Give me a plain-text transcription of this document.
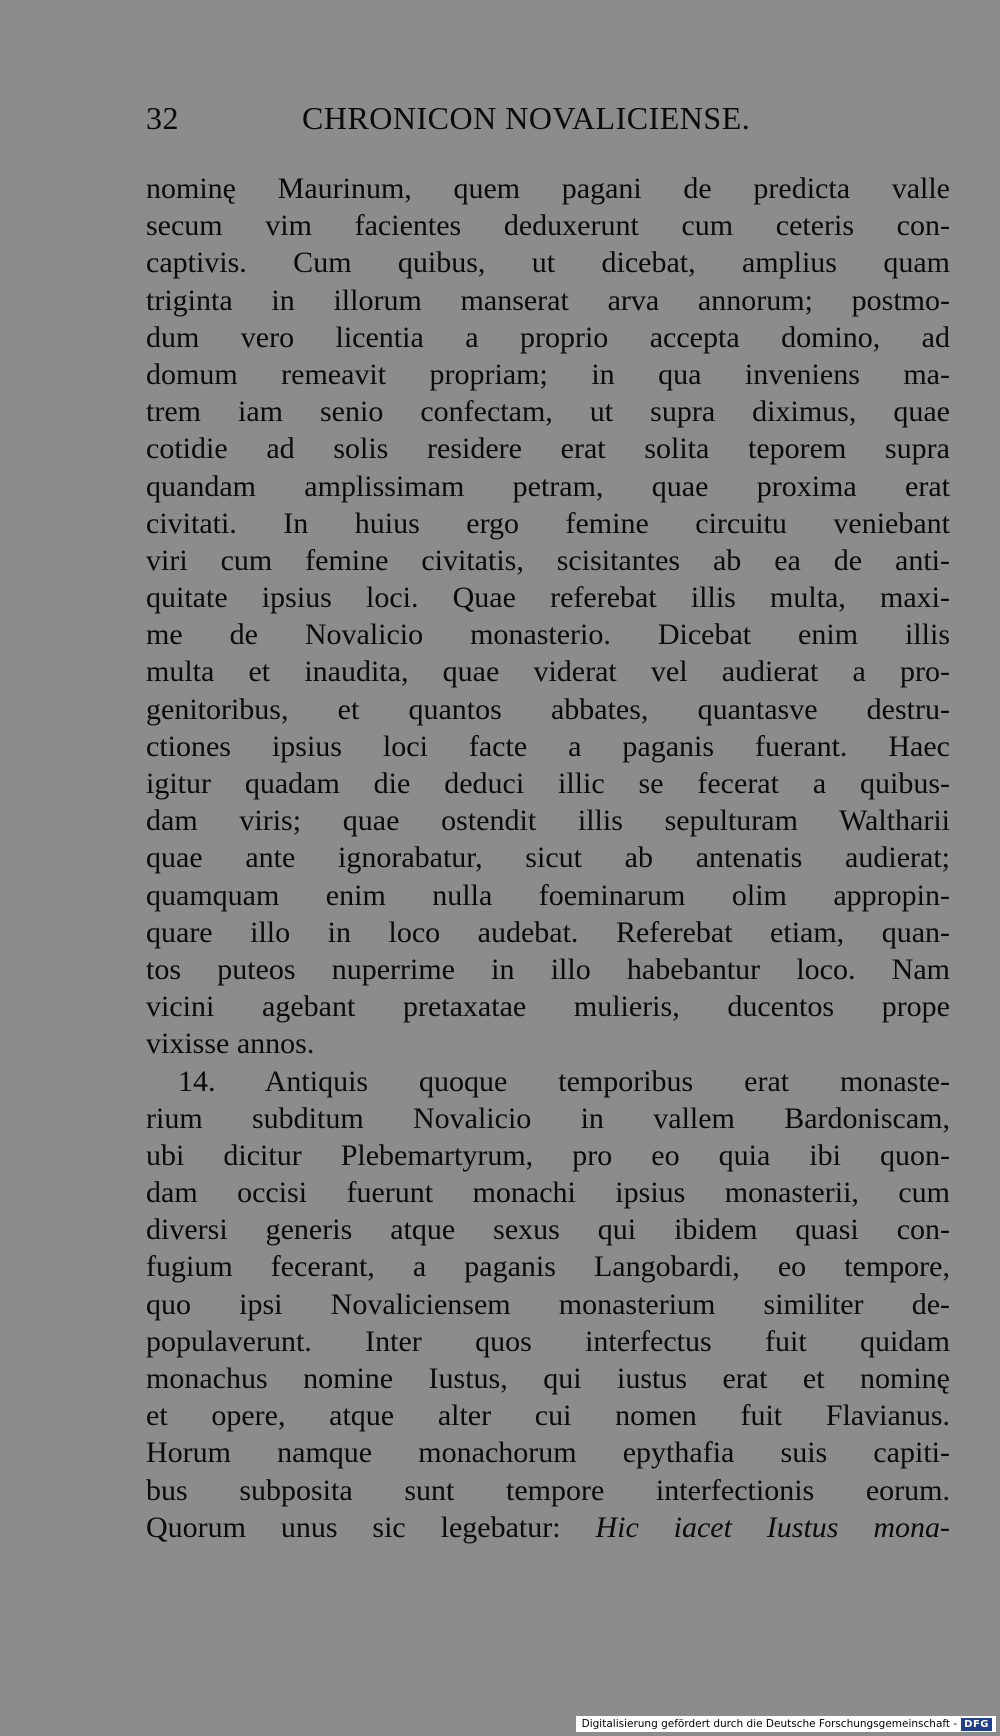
32	CHRONICON NOVALICIENSE.
nominę Maurinum, quem pagani de predicta valle
secum vim facientes deduxerunt cum ceteris con-
captivis. Cum quibus, ut dicebat, amplius quam
triginta in illorum manserat arva annorum; postmo-
dum vero licentia a proprio accepta domino, ad
domum remeavit propriam; in qua inveniens ma-
trem iam senio confectam, ut supra diximus, quae
cotidie ad solis residere erat solita teporem supra
quandam amplissimam petram, quae proxima erat
civitati. In huius ergo femine circuitu veniebant
viri cum femine civitatis, scisitantes ab ea de anti-
quitate ipsius loci. Quae referebat illis multa, maxi-
me de Novalicio monasterio. Dicebat enim illis
multa et inaudita, quae viderat vel audierat a pro-
genitoribus, et quantos abbates, quantasve destru-
ctiones ipsius loci facte a paganis fuerant. Haec
igitur quadam die deduci illic se fecerat a quibus-
dam viris; quae ostendit illis sepulturam Waltharii
quae ante ignorabatur, sicut ab antenatis audierat;
quamquam enim nulla foeminarum olim appropin-
quare illo in loco audebat. Referebat etiam, quan-
tos puteos nuperrime in illo habebantur loco. Nam
vicini agebant pretaxatae mulieris, ducentos prope
vixisse annos.
14. Antiquis quoque temporibus erat monaste-
rium subditum Novalicio in vallem Bardoniscam,
ubi dicitur Plebemartyrum, pro eo quia ibi quon-
dam occisi fuerunt monachi ipsius monasterii, cum
diversi generis atque sexus qui ibidem quasi con-
fugium fecerant, a paganis Langobardi, eo tempore,
quo ipsi Novaliciensem monasterium similiter de-
populaverunt. Inter quos interfectus fuit quidam
monachus nomine Iustus, qui iustus erat et nominę
et opere, atque alter cui nomen fuit Flavianus.
Horum namque monachorum epythafia suis capiti-
bus subposita sunt tempore interfectionis eorum.
Quorum unus sic legebatur: Hic iacet Iustus mona-
Digitalisierung gefördert durch die Deutsche Forschungsgemeinschaft - DFG
